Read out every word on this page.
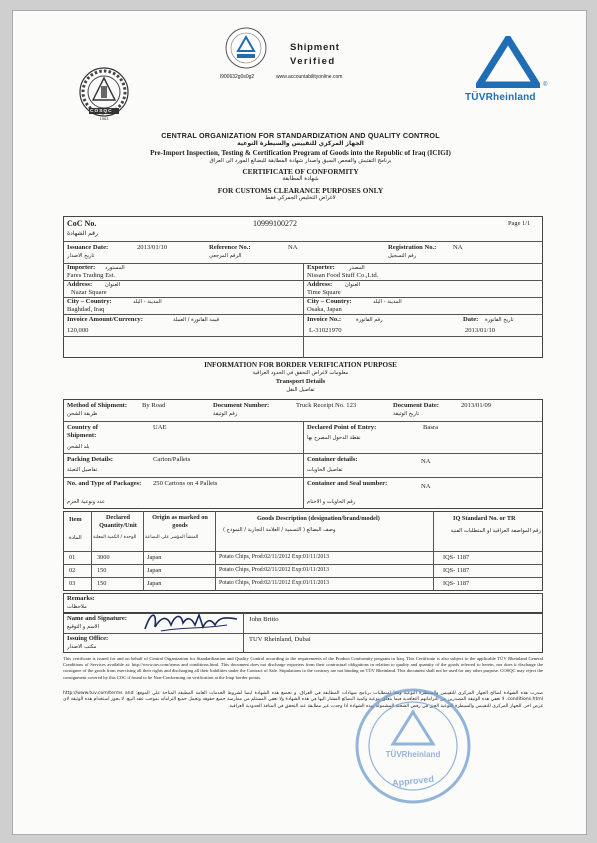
1963
COSQC
l900632g0s0g2	www.accountabilityonline.com
Shipment
Verified
TÜVRheinland
®
CENTRAL ORGANIZATION FOR STANDARDIZATION AND QUALITY CONTROL
الجهاز المركزي للتقييس والسيطرة النوعية
Pre-Import Inspection, Testing & Certification Program of Goods into the Republic of Iraq (ICIGI)
برنامج التفتيش والفحص السبق واصدار شهادة المطابقة للبضائع المورد الى العراق
CERTIFICATE OF CONFORMITY
شهادة المطابقة
FOR CUSTOMS CLEARANCE PURPOSES ONLY
لاغراض التخليص الجمركي فقط
CoC No.
رقم الشهادة
10999100272	Page 1/1
Issuance Date:
تاريخ الاصدار
2013/01/10	Reference No.:
الرقم المرجعي
NA	Registration No.:
رقم التسجيل
NA
Importer: المستورد
Fares Trading Est.
Exporter:	المصدر
Nissan Food Stuff Co.,Ltd.
Address: العنوان
Nazar Square
Address: العنوان
Time Square
City – Country:	المدينة - البلد
Baghdad, Iraq
City – Country:	المدينة - البلد
Osaka, Japan
Invoice Amount/Currency:	قيمة الفاتورة / العملة
120,000
Invoice No.:	رقم الفاتورة
L-31021970
Date: تاريخ الفاتورة
2013/01/10
INFORMATION FOR BORDER VERIFICATION PURPOSE
معلومات لاغراض التحقق في الحدود العراقية
Transport Details
تفاصيل النقل
Method of Shipment:
طريقة الشحن
By Road	Document Number:
رقم الوثيقة
Truck Receipt No. 123	Document Date:
تاريخ الوثيقة
2013/01/09
Country of Shipment:
بلد الشحن
UAE	Declared Point of Entry:
نقطة الدخول المصرح بها
Basra
Packing Details:
تفاصيل التعبئة
Carton/Pallets	Container details:
تفاصيل الحاويات
NA
No. and Type of Packages:
عدد ونوعية الحزم
250 Cartons on 4 Pallets	Container and Seal number:
رقم الحاويات و الاختام
NA
Item
المادة
Declared Quantity/Unit
الوحدة / الكمية المعلنة
Origin as marked on goods
المنشأ المؤشر على البضاعة
Goods Description (designation/brand/model)
وصف البضائع ( التسمية / العلامة التجارية / النموذج )
IQ Standard No. or TR
رقم المواصفة العراقية او المتطلبات الفنية
01	3000	Japan	Potato Chips, Prod:02/11/2012 Exp:01/11/2013	IQS- 1187
02	150	Japan	Potato Chips, Prod:02/11/2012 Exp:01/11/2013	IQS- 1187
03	150	Japan	Potato Chips, Prod:02/11/2012 Exp:01/11/2013	IQS- 1187
Remarks:
ملاحظات
Name and Signature:
الاسم و التوقيع
John Britto
Issuing Office:
مكتب الاصدار
TUV Rheinland, Dubai
This certificate is issued for and on behalf of Central Organization for Standardization and Quality Control according to the requirements of the Product Conformity program in Iraq. This Certificate is also subject to the applicable TÜV Rheinland General Conditions of Services available at: http://www.tuv.com/terms and conditions.html. This document does not discharge exporters from their contractual obligations in relation to quality and quantity of the goods referred to herein, nor does it discharge the consignee of the goods from exercising all their rights and discharging all their liabilities under the Contract of Sale. Stipulations to the contrary are not binding on TÜV Rheinland. This document shall not be used for any other purpose. COSQC may reject the consignment covered by this COC if found to be Non-Conforming on verification at the Iraqi border points.
صدرت هذه الشهادة لصالح الجهاز المركزي للتقييس والسيطرة النوعية وفقا لمتطلبات برنامج شهادات المطابقة في العراق. و تخضع هذه الشهادة ايضا لشروط الخدمات العامة المطبقة المتاحة على الموقع: http://www.tuv.com/terms and conditions.html. لا تعفي هذه الوثيقة المصدرين من التزاماتهم التعاقدية فيما يتعلق بنوعية وكمية البضائع المشار اليها في هذه الشهادة ولا تعفي المستلم من ممارسة جميع حقوقه وتحمل جميع التزاماته بموجب عقد البيع. لا يجوز استخدام هذه الوثيقة لاي غرض اخر. للجهاز المركزي للتقييس والسيطرة النوعية الحق في رفض الشحنة المشمولة بهذه الشهادة اذا وجدت غير مطابقة عند التحقق في المنافذ الحدودية العراقية.
TÜVRheinland
Approved
